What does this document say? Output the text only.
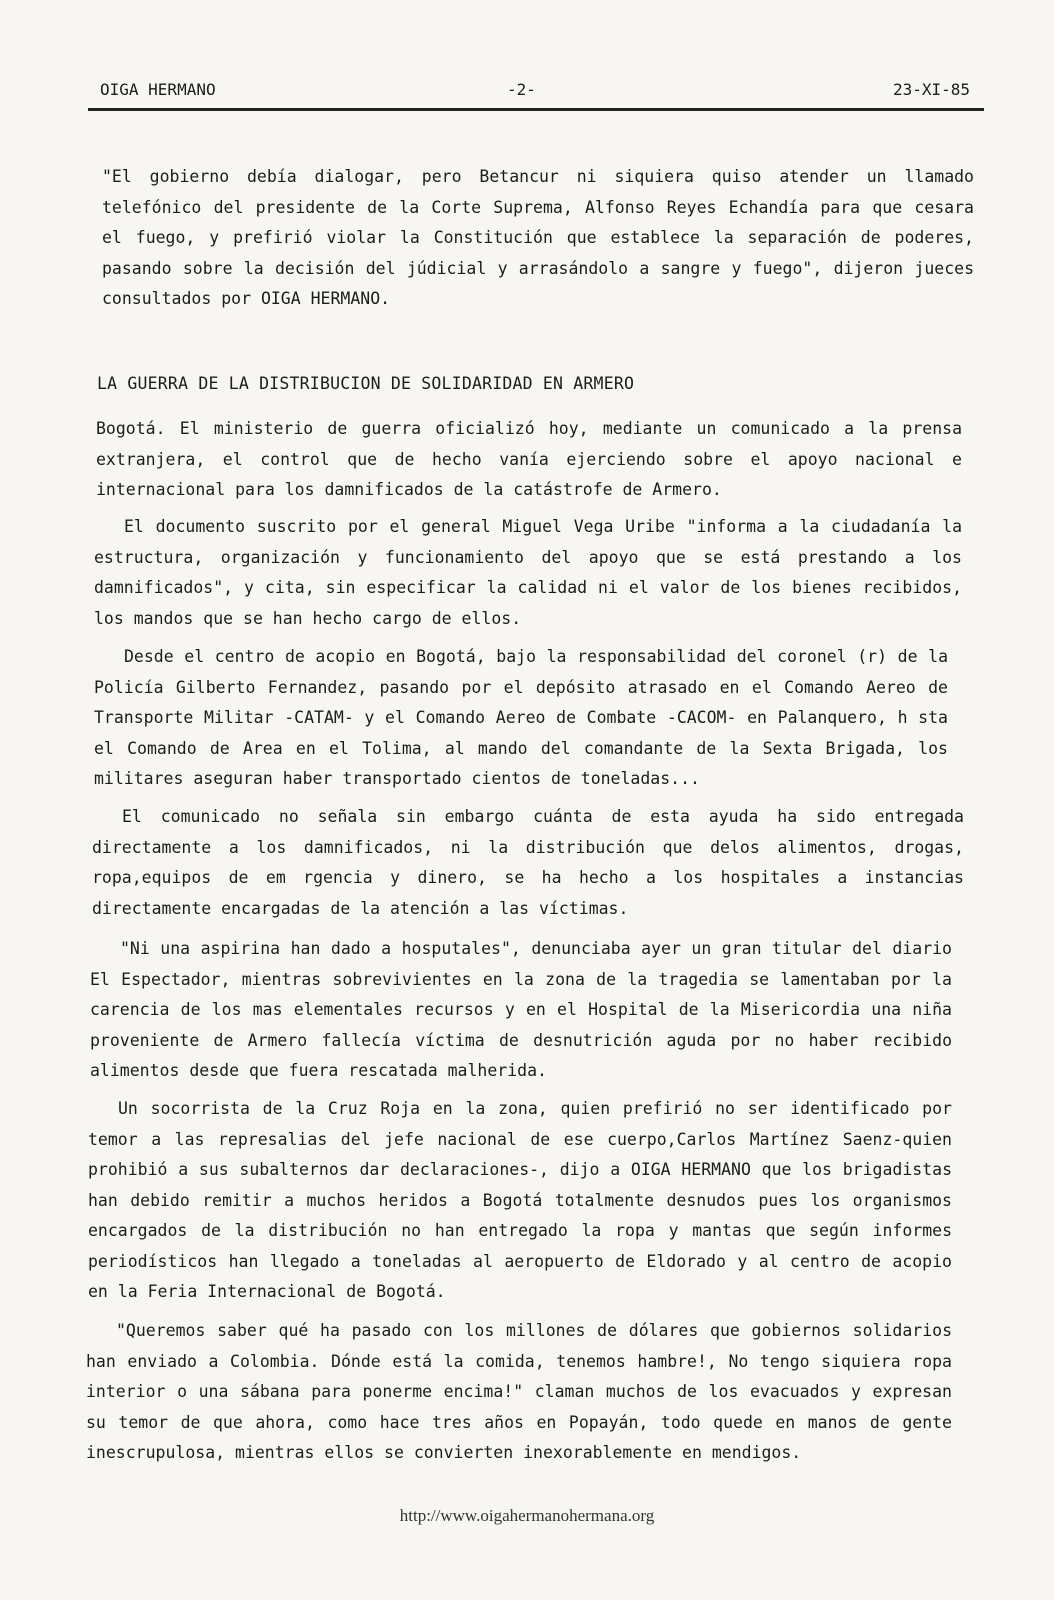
OIGA HERMANO	-2-	23-XI-85

"El gobierno debía dialogar, pero Betancur ni siquiera quiso atender un llamado telefónico del presidente de la Corte Suprema, Alfonso Reyes Echandía para que cesara el fuego, y prefirió violar la Constitución que establece la separación de poderes, pasando sobre la decisión del júdicial y arrasándolo a sangre y fuego", dijeron jueces consultados por OIGA HERMANO.

LA GUERRA DE LA DISTRIBUCION DE SOLIDARIDAD EN ARMERO

Bogotá. El ministerio de guerra oficializó hoy, mediante un comunicado a la prensa extranjera, el control que de hecho vanía ejerciendo sobre el apoyo nacional e internacional para los damnificados de la catástrofe de Armero.

El documento suscrito por el general Miguel Vega Uribe "informa a la ciudadanía la estructura, organización y funcionamiento del apoyo que se está prestando a los damnificados", y cita, sin especificar la calidad ni el valor de los bienes recibidos, los mandos que se han hecho cargo de ellos.

Desde el centro de acopio en Bogotá, bajo la responsabilidad del coronel (r) de la Policía Gilberto Fernandez, pasando por el depósito atrasado en el Comando Aereo de Transporte Militar -CATAM- y el Comando Aereo de Combate -CACOM- en Palanquero, h sta el Comando de Area en el Tolima, al mando del comandante de la Sexta Brigada, los militares aseguran haber transportado cientos de toneladas...

El comunicado no señala sin embargo cuánta de esta ayuda ha sido entregada directamente a los damnificados, ni la distribución que delos alimentos, drogas, ropa,equipos de em rgencia y dinero, se ha hecho a los hospitales a instancias directamente encargadas de la atención a las víctimas.

"Ni una aspirina han dado a hosputales", denunciaba ayer un gran titular del diario El Espectador, mientras sobrevivientes en la zona de la tragedia se lamentaban por la carencia de los mas elementales recursos y en el Hospital de la Misericordia una niña proveniente de Armero fallecía víctima de desnutrición aguda por no haber recibido alimentos desde que fuera rescatada malherida.

Un socorrista de la Cruz Roja en la zona, quien prefirió no ser identificado por temor a las represalias del jefe nacional de ese cuerpo,Carlos Martínez Saenz-quien prohibió a sus subalternos dar declaraciones-, dijo a OIGA HERMANO que los brigadistas han debido remitir a muchos heridos a Bogotá totalmente desnudos pues los organismos encargados de la distribución no han entregado la ropa y mantas que según informes periodísticos han llegado a toneladas al aeropuerto de Eldorado y al centro de acopio en la Feria Internacional de Bogotá.

"Queremos saber qué ha pasado con los millones de dólares que gobiernos solidarios han enviado a Colombia. Dónde está la comida, tenemos hambre!, No tengo siquiera ropa interior o una sábana para ponerme encima!" claman muchos de los evacuados y expresan su temor de que ahora, como hace tres años en Popayán, todo quede en manos de gente inescrupulosa, mientras ellos se convierten inexorablemente en mendigos.

http://www.oigahermanohermana.org
